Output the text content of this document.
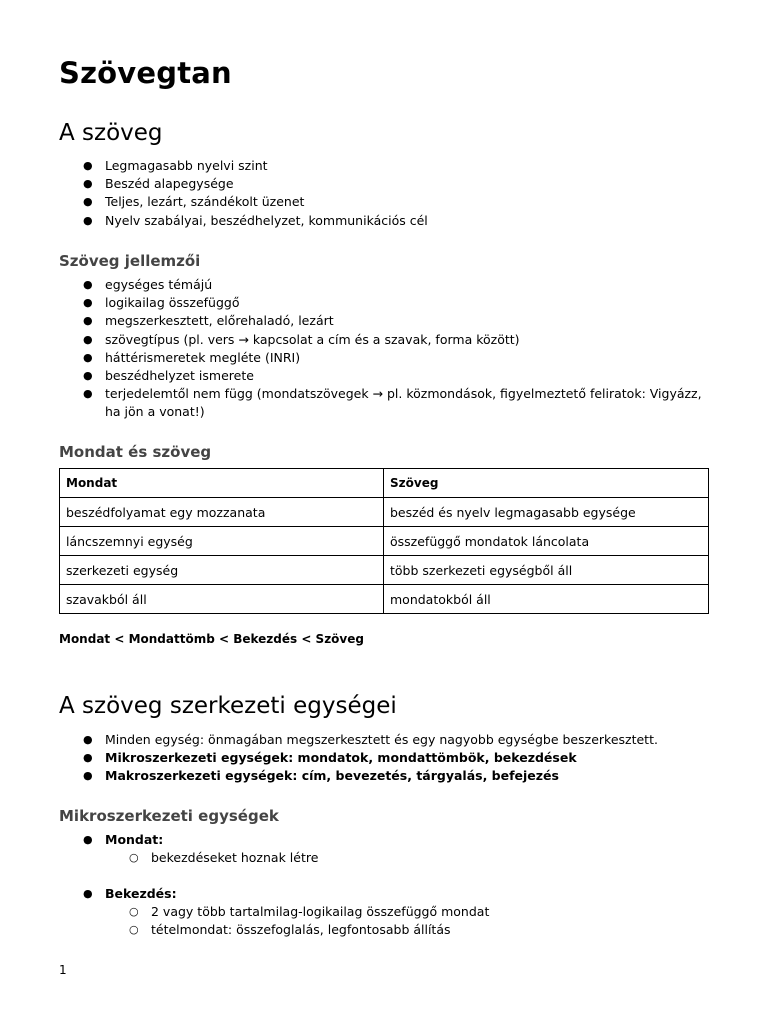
Szövegtan
A szöveg
● Legmagasabb nyelvi szint
● Beszéd alapegysége
● Teljes, lezárt, szándékolt üzenet
● Nyelv szabályai, beszédhelyzet, kommunikációs cél
Szöveg jellemzői
● egységes témájú
● logikailag összefüggő
● megszerkesztett, előrehaladó, lezárt
● szövegtípus (pl. vers → kapcsolat a cím és a szavak, forma között)
● háttérismeretek megléte (INRI)
● beszédhelyzet ismerete
● terjedelemtől nem függ (mondatszövegek → pl. közmondások, figyelmeztető feliratok: Vigyázz, ha jön a vonat!)
Mondat és szöveg
Mondat	Szöveg
beszédfolyamat egy mozzanata	beszéd és nyelv legmagasabb egysége
láncszemnyi egység	összefüggő mondatok láncolata
szerkezeti egység	több szerkezeti egységből áll
szavakból áll	mondatokból áll

Mondat < Mondattömb < Bekezdés < Szöveg

A szöveg szerkezeti egységei
● Minden egység: önmagában megszerkesztett és egy nagyobb egységbe beszerkesztett.
● Mikroszerkezeti egységek: mondatok, mondattömbök, bekezdések
● Makroszerkezeti egységek: cím, bevezetés, tárgyalás, befejezés
Mikroszerkezeti egységek
● Mondat:
○ bekezdéseket hoznak létre
● Bekezdés:
○ 2 vagy több tartalmilag-logikailag összefüggő mondat
○ tételmondat: összefoglalás, legfontosabb állítás

1
